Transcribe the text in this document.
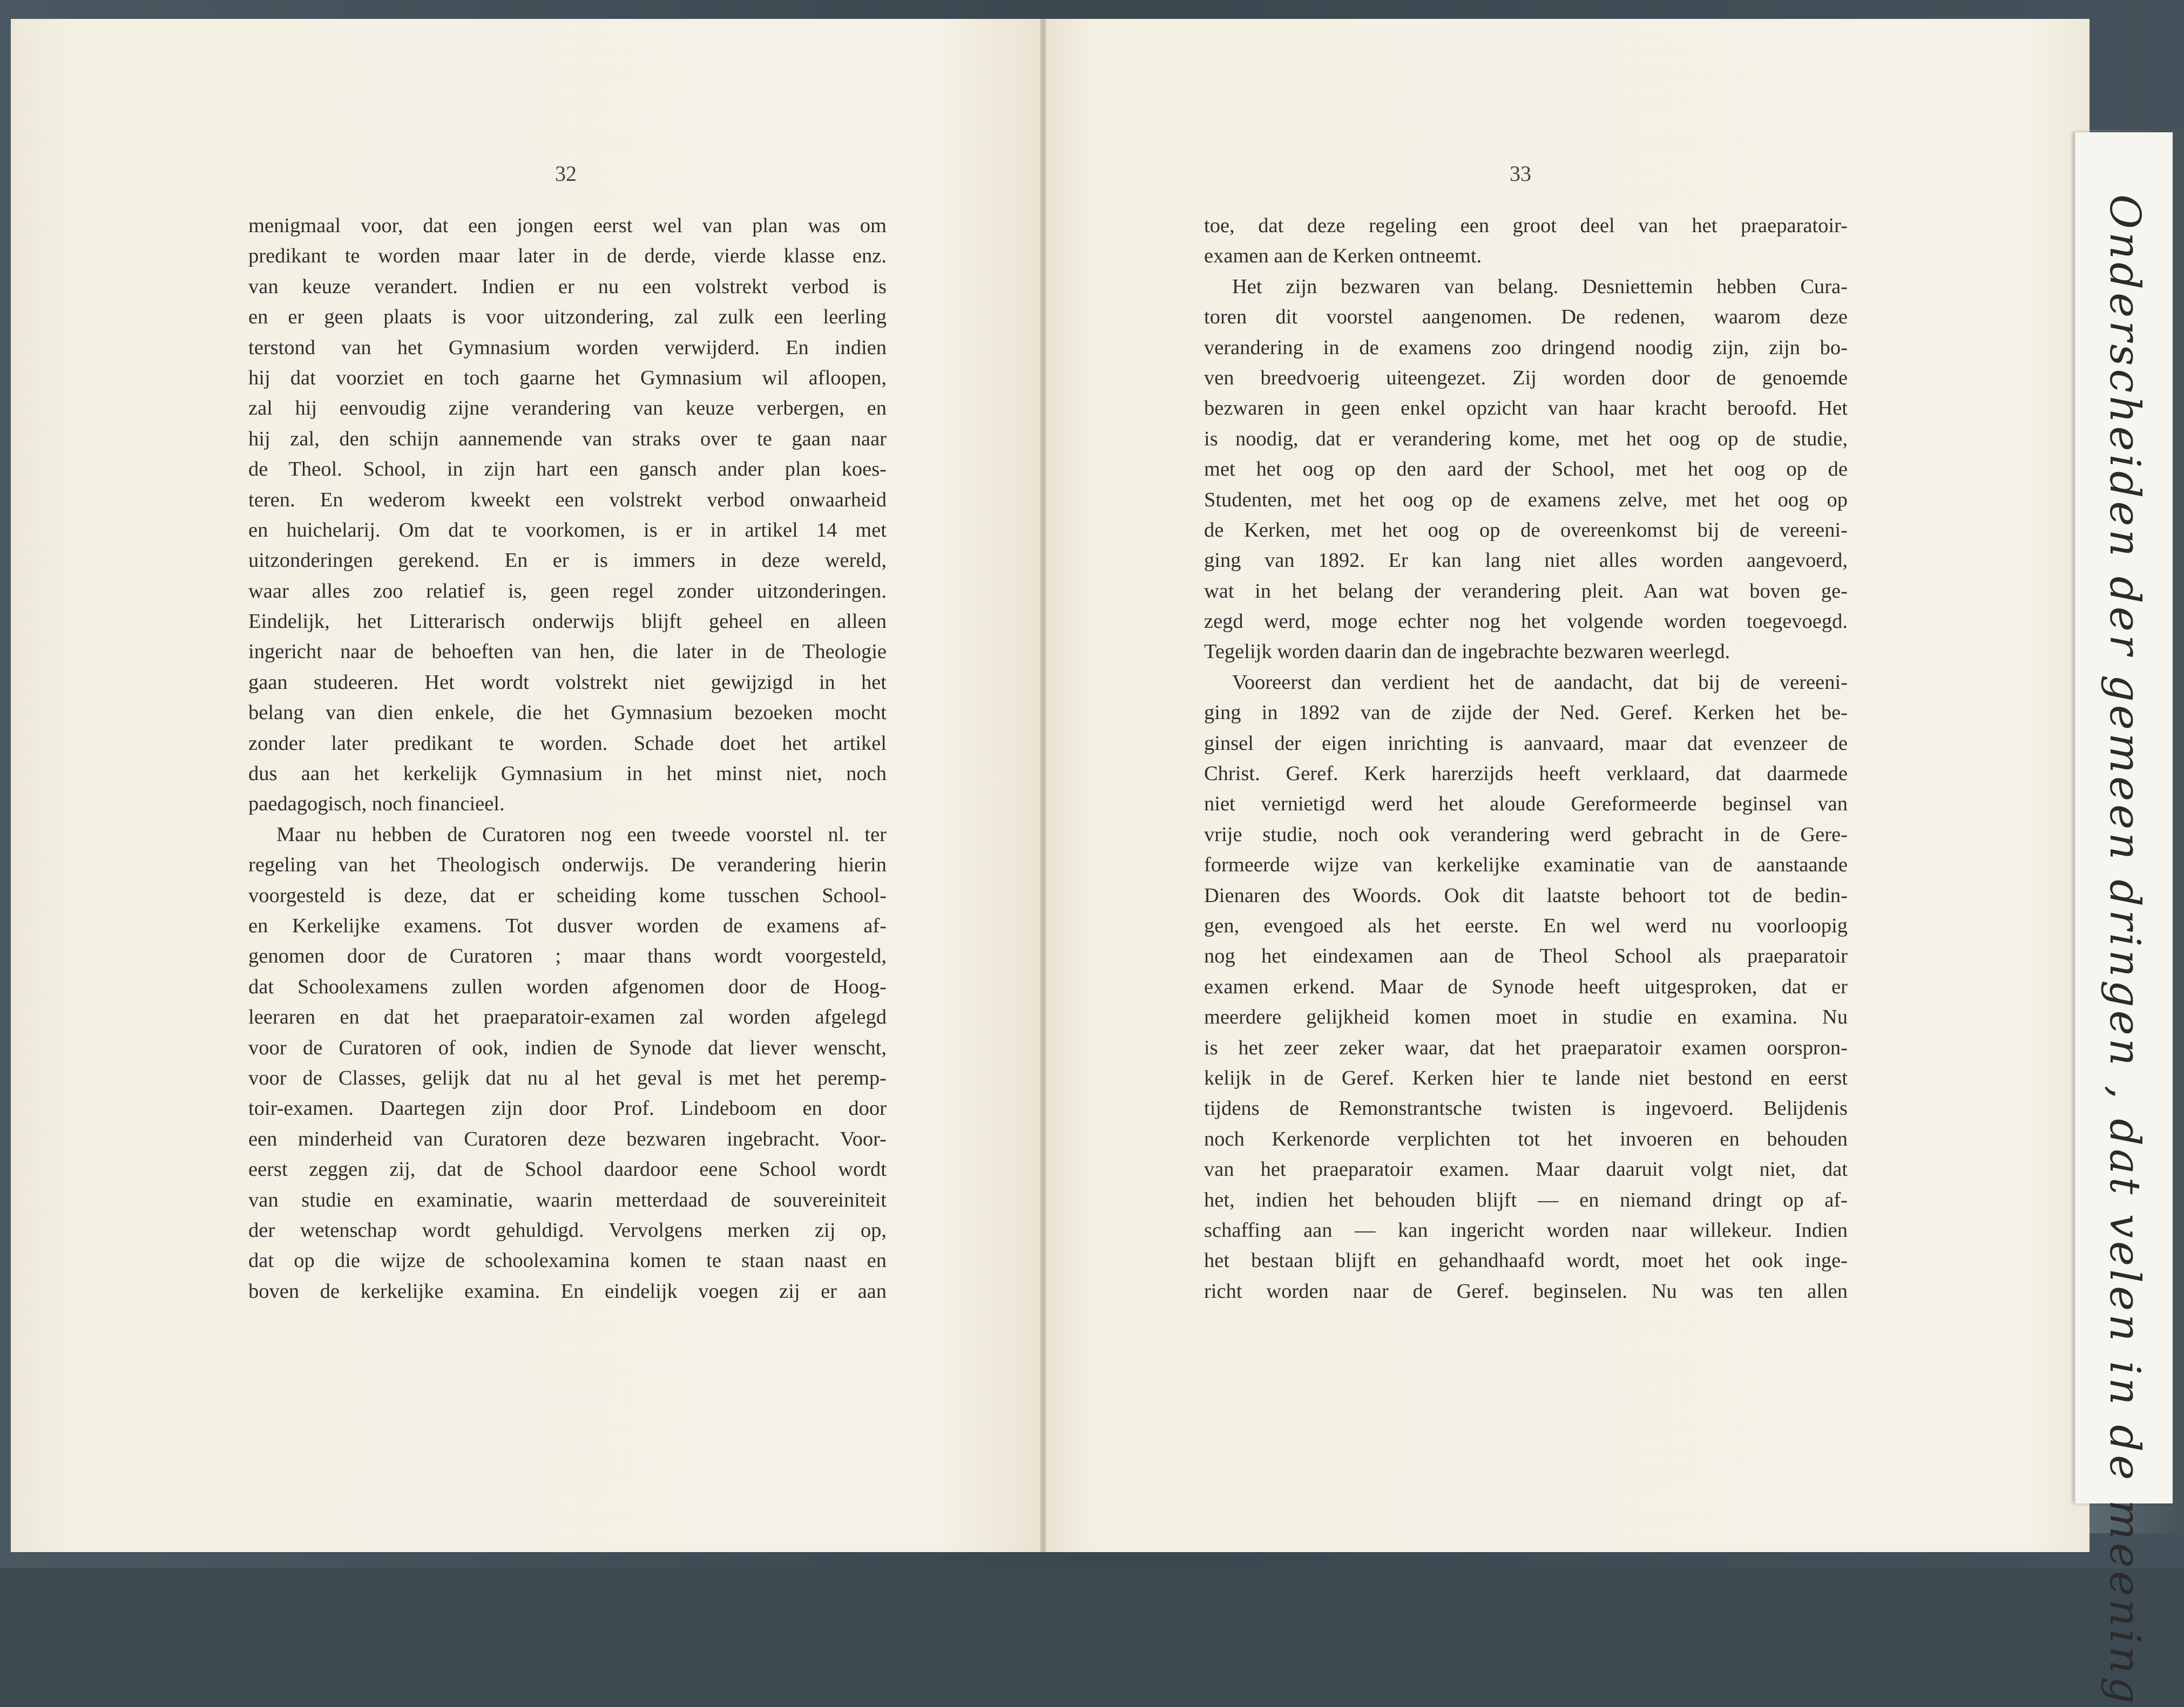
32	33
menigmaal voor, dat een jongen eerst wel van plan was om
predikant te worden maar later in de derde, vierde klasse enz.
van keuze verandert. Indien er nu een volstrekt verbod is
en er geen plaats is voor uitzondering, zal zulk een leerling
terstond van het Gymnasium worden verwijderd. En indien
hij dat voorziet en toch gaarne het Gymnasium wil afloopen,
zal hij eenvoudig zijne verandering van keuze verbergen, en
hij zal, den schijn aannemende van straks over te gaan naar
de Theol. School, in zijn hart een gansch ander plan koes-
teren. En wederom kweekt een volstrekt verbod onwaarheid
en huichelarij. Om dat te voorkomen, is er in artikel 14 met
uitzonderingen gerekend. En er is immers in deze wereld,
waar alles zoo relatief is, geen regel zonder uitzonderingen.
Eindelijk, het Litterarisch onderwijs blijft geheel en alleen
ingericht naar de behoeften van hen, die later in de Theologie
gaan studeeren. Het wordt volstrekt niet gewijzigd in het
belang van dien enkele, die het Gymnasium bezoeken mocht
zonder later predikant te worden. Schade doet het artikel
dus aan het kerkelijk Gymnasium in het minst niet, noch
paedagogisch, noch financieel.
Maar nu hebben de Curatoren nog een tweede voorstel nl. ter
regeling van het Theologisch onderwijs. De verandering hierin
voorgesteld is deze, dat er scheiding kome tusschen School-
en Kerkelijke examens. Tot dusver worden de examens af-
genomen door de Curatoren ; maar thans wordt voorgesteld,
dat Schoolexamens zullen worden afgenomen door de Hoog-
leeraren en dat het praeparatoir-examen zal worden afgelegd
voor de Curatoren of ook, indien de Synode dat liever wenscht,
voor de Classes, gelijk dat nu al het geval is met het peremp-
toir-examen. Daartegen zijn door Prof. Lindeboom en door
een minderheid van Curatoren deze bezwaren ingebracht. Voor-
eerst zeggen zij, dat de School daardoor eene School wordt
van studie en examinatie, waarin metterdaad de souvereiniteit
der wetenschap wordt gehuldigd. Vervolgens merken zij op,
dat op die wijze de schoolexamina komen te staan naast en
boven de kerkelijke examina. En eindelijk voegen zij er aan
toe, dat deze regeling een groot deel van het praeparatoir-
examen aan de Kerken ontneemt.
Het zijn bezwaren van belang. Desniettemin hebben Cura-
toren dit voorstel aangenomen. De redenen, waarom deze
verandering in de examens zoo dringend noodig zijn, zijn bo-
ven breedvoerig uiteengezet. Zij worden door de genoemde
bezwaren in geen enkel opzicht van haar kracht beroofd. Het
is noodig, dat er verandering kome, met het oog op de studie,
met het oog op den aard der School, met het oog op de
Studenten, met het oog op de examens zelve, met het oog op
de Kerken, met het oog op de overeenkomst bij de vereeni-
ging van 1892. Er kan lang niet alles worden aangevoerd,
wat in het belang der verandering pleit. Aan wat boven ge-
zegd werd, moge echter nog het volgende worden toegevoegd.
Tegelijk worden daarin dan de ingebrachte bezwaren weerlegd.
Vooreerst dan verdient het de aandacht, dat bij de vereeni-
ging in 1892 van de zijde der Ned. Geref. Kerken het be-
ginsel der eigen inrichting is aanvaard, maar dat evenzeer de
Christ. Geref. Kerk harerzijds heeft verklaard, dat daarmede
niet vernietigd werd het aloude Gereformeerde beginsel van
vrije studie, noch ook verandering werd gebracht in de Gere-
formeerde wijze van kerkelijke examinatie van de aanstaande
Dienaren des Woords. Ook dit laatste behoort tot de bedin-
gen, evengoed als het eerste. En wel werd nu voorloopig
nog het eindexamen aan de Theol School als praeparatoir
examen erkend. Maar de Synode heeft uitgesproken, dat er
meerdere gelijkheid komen moet in studie en examina. Nu
is het zeer zeker waar, dat het praeparatoir examen oorspron-
kelijk in de Geref. Kerken hier te lande niet bestond en eerst
tijdens de Remonstrantsche twisten is ingevoerd. Belijdenis
noch Kerkenorde verplichten tot het invoeren en behouden
van het praeparatoir examen. Maar daaruit volgt niet, dat
het, indien het behouden blijft — en niemand dringt op af-
schaffing aan — kan ingericht worden naar willekeur. Indien
het bestaan blijft en gehandhaafd wordt, moet het ook inge-
richt worden naar de Geref. beginselen. Nu was ten allen	Onderscheiden der gemeen dringen , dat velen in de meening
